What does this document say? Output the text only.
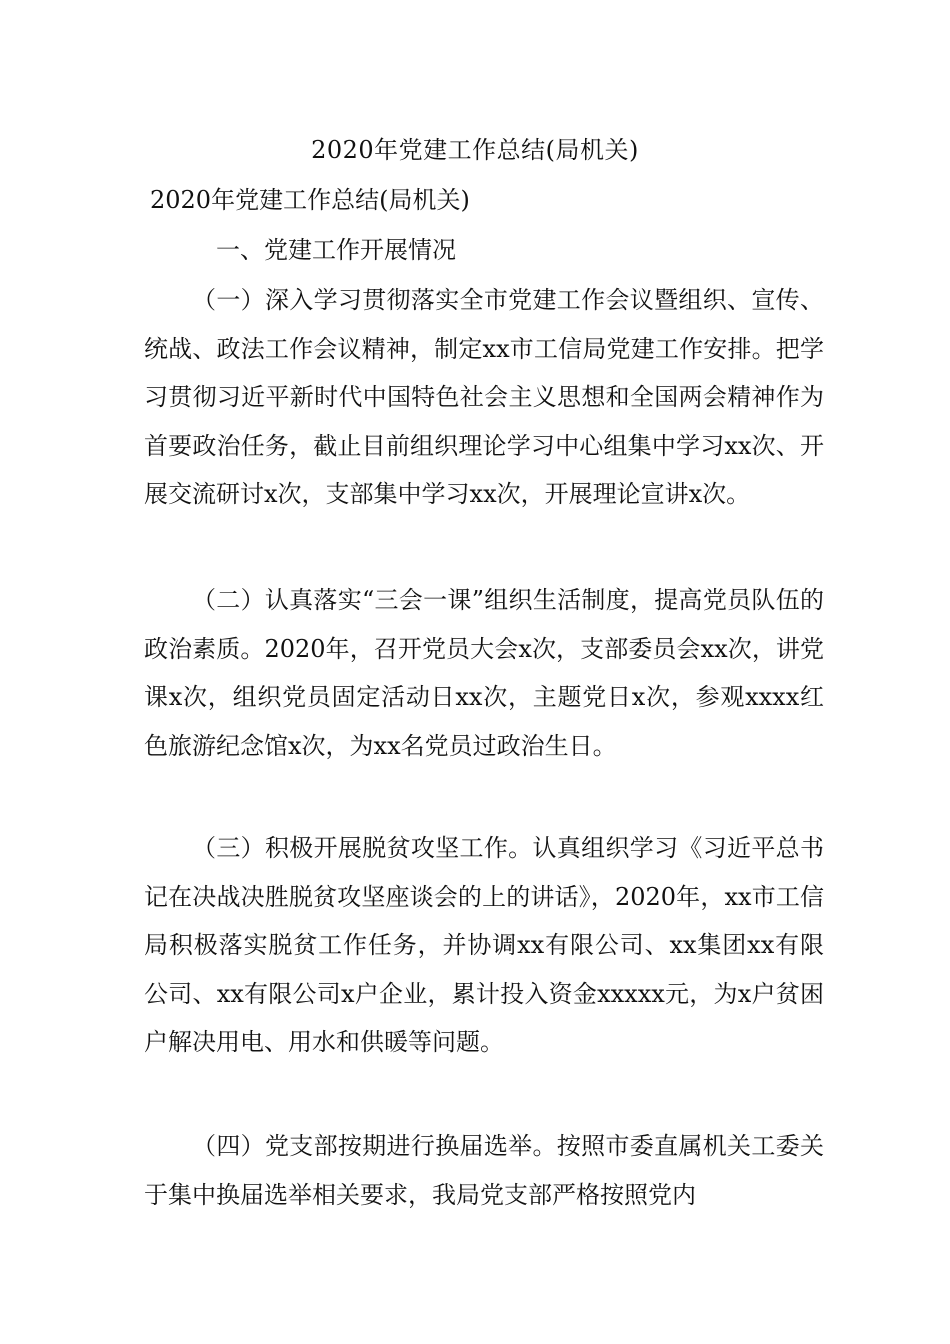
2020年党建工作总结(局机关)
2020年党建工作总结(局机关)

一、党建工作开展情况

（一）深入学习贯彻落实全市党建工作会议暨组织、宣传、统战、政法工作会议精神，制定xx市工信局党建工作安排。把学习贯彻习近平新时代中国特色社会主义思想和全国两会精神作为首要政治任务，截止目前组织理论学习中心组集中学习xx次、开展交流研讨x次，支部集中学习xx次，开展理论宣讲x次。

（二）认真落实“三会一课”组织生活制度，提高党员队伍的政治素质。2020年，召开党员大会x次，支部委员会xx次，讲党课x次，组织党员固定活动日xx次，主题党日x次，参观xxxx红色旅游纪念馆x次，为xx名党员过政治生日。

（三）积极开展脱贫攻坚工作。认真组织学习《习近平总书记在决战决胜脱贫攻坚座谈会的上的讲话》，2020年，xx市工信局积极落实脱贫工作任务，并协调xx有限公司、xx集团xx有限公司、xx有限公司x户企业，累计投入资金xxxxx元，为x户贫困户解决用电、用水和供暖等问题。

（四）党支部按期进行换届选举。按照市委直属机关工委关于集中换届选举相关要求，我局党支部严格按照党内
